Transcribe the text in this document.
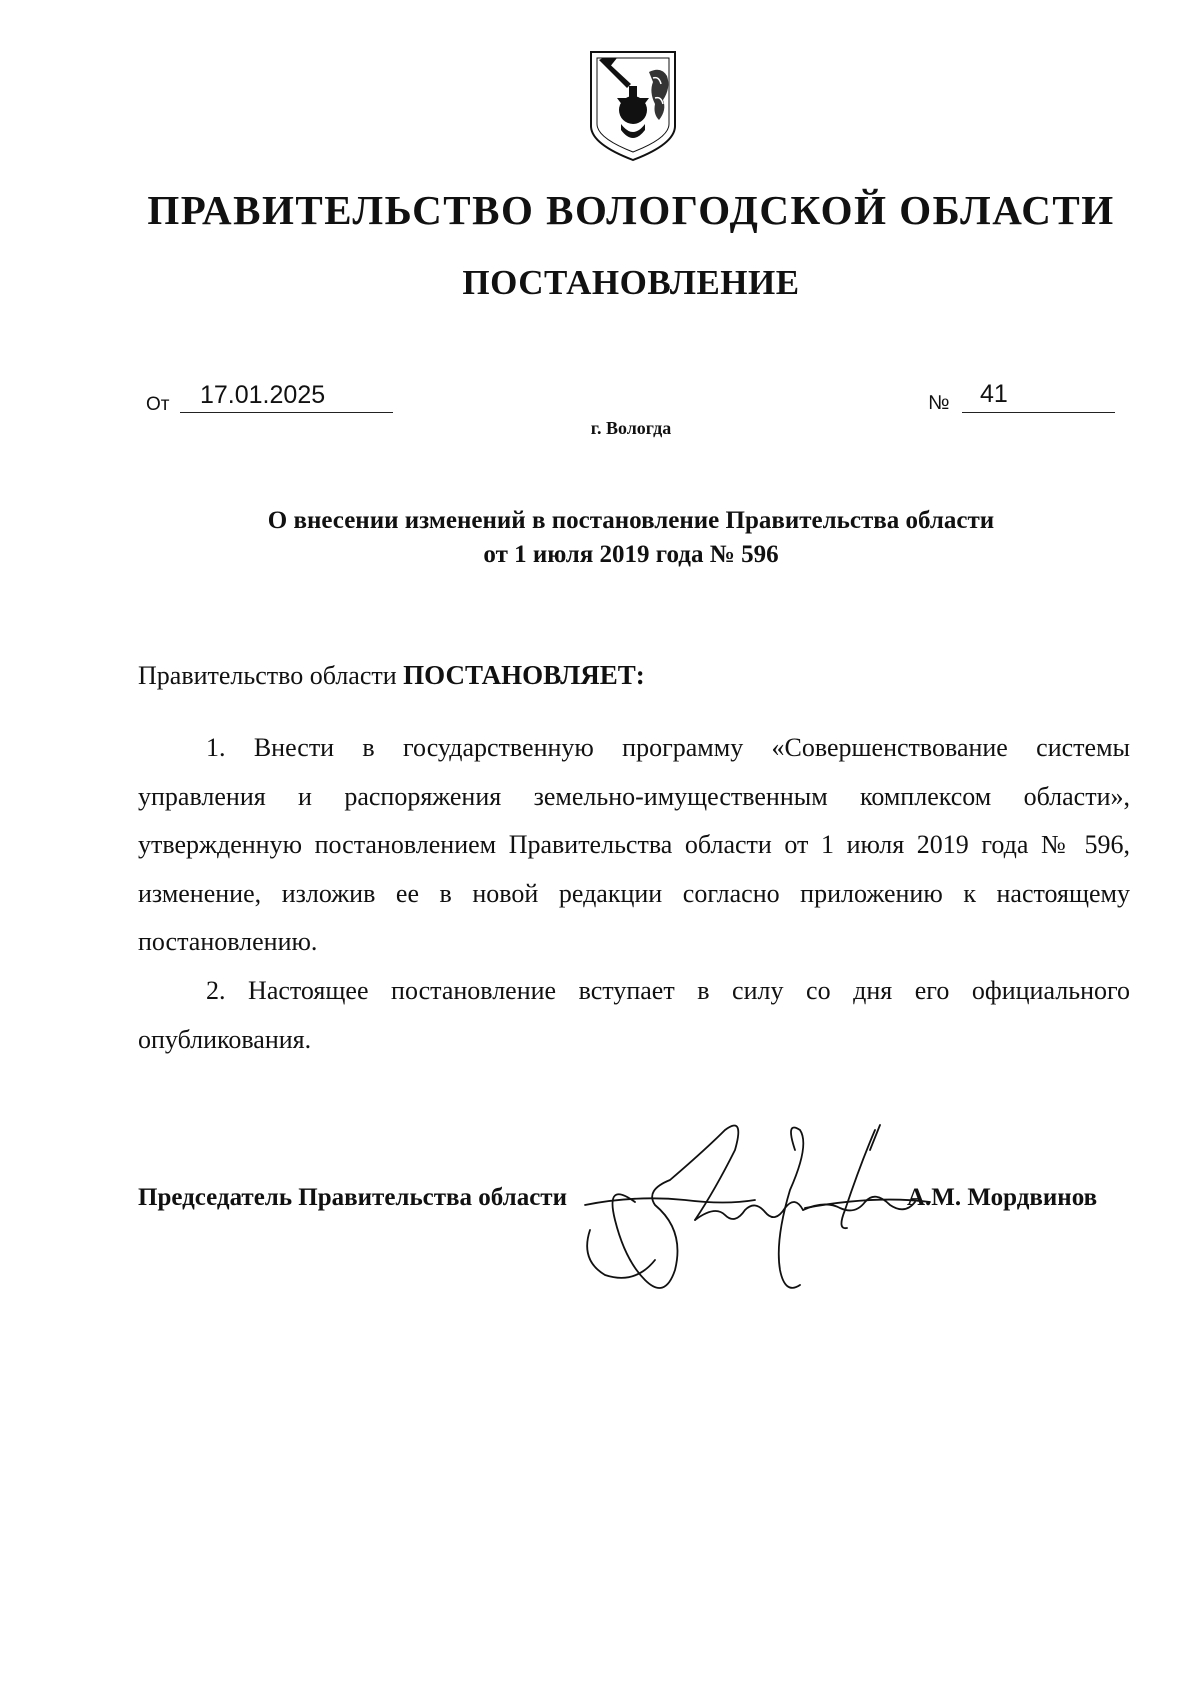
ПРАВИТЕЛЬСТВО ВОЛОГОДСКОЙ ОБЛАСТИ
ПОСТАНОВЛЕНИЕ
От 17.01.2025	№ 41
г. Вологда
О внесении изменений в постановление Правительства области
от 1 июля 2019 года № 596
Правительство области ПОСТАНОВЛЯЕТ:
1. Внести в государственную программу «Совершенствование системы управления и распоряжения земельно-имущественным комплексом области», утвержденную постановлением Правительства области от 1 июля 2019 года № 596, изменение, изложив ее в новой редакции согласно приложению к настоящему постановлению.
2. Настоящее постановление вступает в силу со дня его официального опубликования.
Председатель Правительства области	А.М. Мордвинов
